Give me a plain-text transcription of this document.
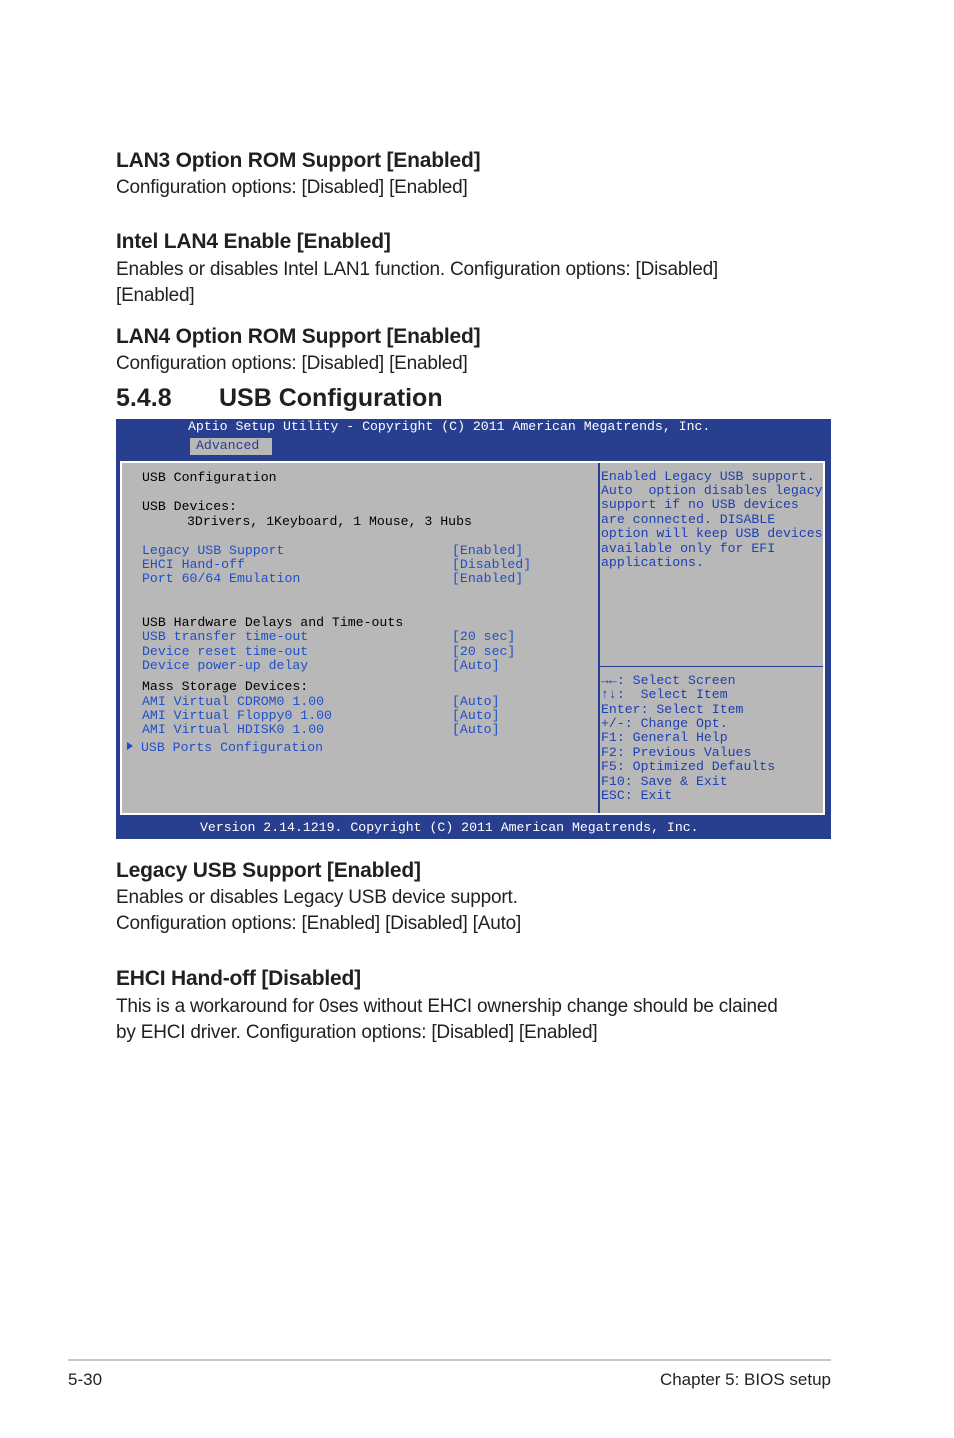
LAN3 Option ROM Support [Enabled]
Configuration options: [Disabled] [Enabled]
Intel LAN4 Enable [Enabled]
Enables or disables Intel LAN1 function. Configuration options: [Disabled]
[Enabled]
LAN4 Option ROM Support [Enabled]
Configuration options: [Disabled] [Enabled]
5.4.8 USB Configuration
Aptio Setup Utility - Copyright (C) 2011 American Megatrends, Inc.
Advanced
USB Configuration
USB Devices:
3Drivers, 1Keyboard, 1 Mouse, 3 Hubs
Legacy USB Support	[Enabled]
EHCI Hand-off	[Disabled]
Port 60/64 Emulation	[Enabled]
USB Hardware Delays and Time-outs
USB transfer time-out	[20 sec]
Device reset time-out	[20 sec]
Device power-up delay	[Auto]
Mass Storage Devices:
AMI Virtual CDROM0 1.00	[Auto]
AMI Virtual Floppy0 1.00	[Auto]
AMI Virtual HDISK0 1.00	[Auto]
USB Ports Configuration
Enabled Legacy USB support.
Auto  option disables legacy
support if no USB devices
are connected. DISABLE
option will keep USB devices
available only for EFI
applications.
→←: Select Screen
↑↓:  Select Item
Enter: Select Item
+/-: Change Opt.
F1: General Help
F2: Previous Values
F5: Optimized Defaults
F10: Save & Exit
ESC: Exit
Version 2.14.1219. Copyright (C) 2011 American Megatrends, Inc.
Legacy USB Support [Enabled]
Enables or disables Legacy USB device support.
Configuration options: [Enabled] [Disabled] [Auto]
EHCI Hand-off [Disabled]
This is a workaround for 0ses without EHCI ownership change should be clained
by EHCI driver. Configuration options: [Disabled] [Enabled]
5-30	Chapter 5: BIOS setup
